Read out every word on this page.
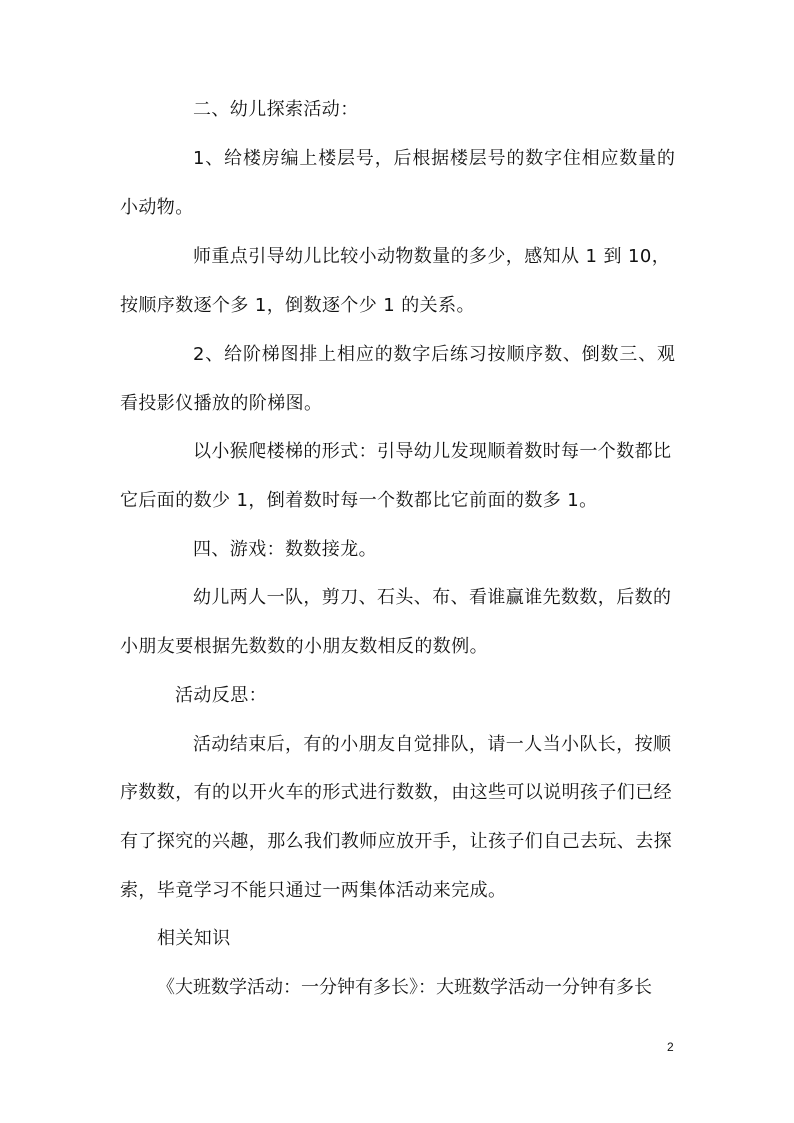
二、幼儿探索活动：
1、给楼房编上楼层号，后根据楼层号的数字住相应数量的
小动物。
师重点引导幼儿比较小动物数量的多少，感知从 1 到 10，
按顺序数逐个多 1，倒数逐个少 1 的关系。
2、给阶梯图排上相应的数字后练习按顺序数、倒数三、观
看投影仪播放的阶梯图。
以小猴爬楼梯的形式：引导幼儿发现顺着数时每一个数都比
它后面的数少 1，倒着数时每一个数都比它前面的数多 1。
四、游戏：数数接龙。
幼儿两人一队，剪刀、石头、布、看谁赢谁先数数，后数的
小朋友要根据先数数的小朋友数相反的数例。
活动反思：
活动结束后，有的小朋友自觉排队，请一人当小队长，按顺
序数数，有的以开火车的形式进行数数，由这些可以说明孩子们已经
有了探究的兴趣，那么我们教师应放开手，让孩子们自己去玩、去探
索，毕竟学习不能只通过一两集体活动来完成。
相关知识
《大班数学活动：一分钟有多长》：大班数学活动一分钟有多长
2
